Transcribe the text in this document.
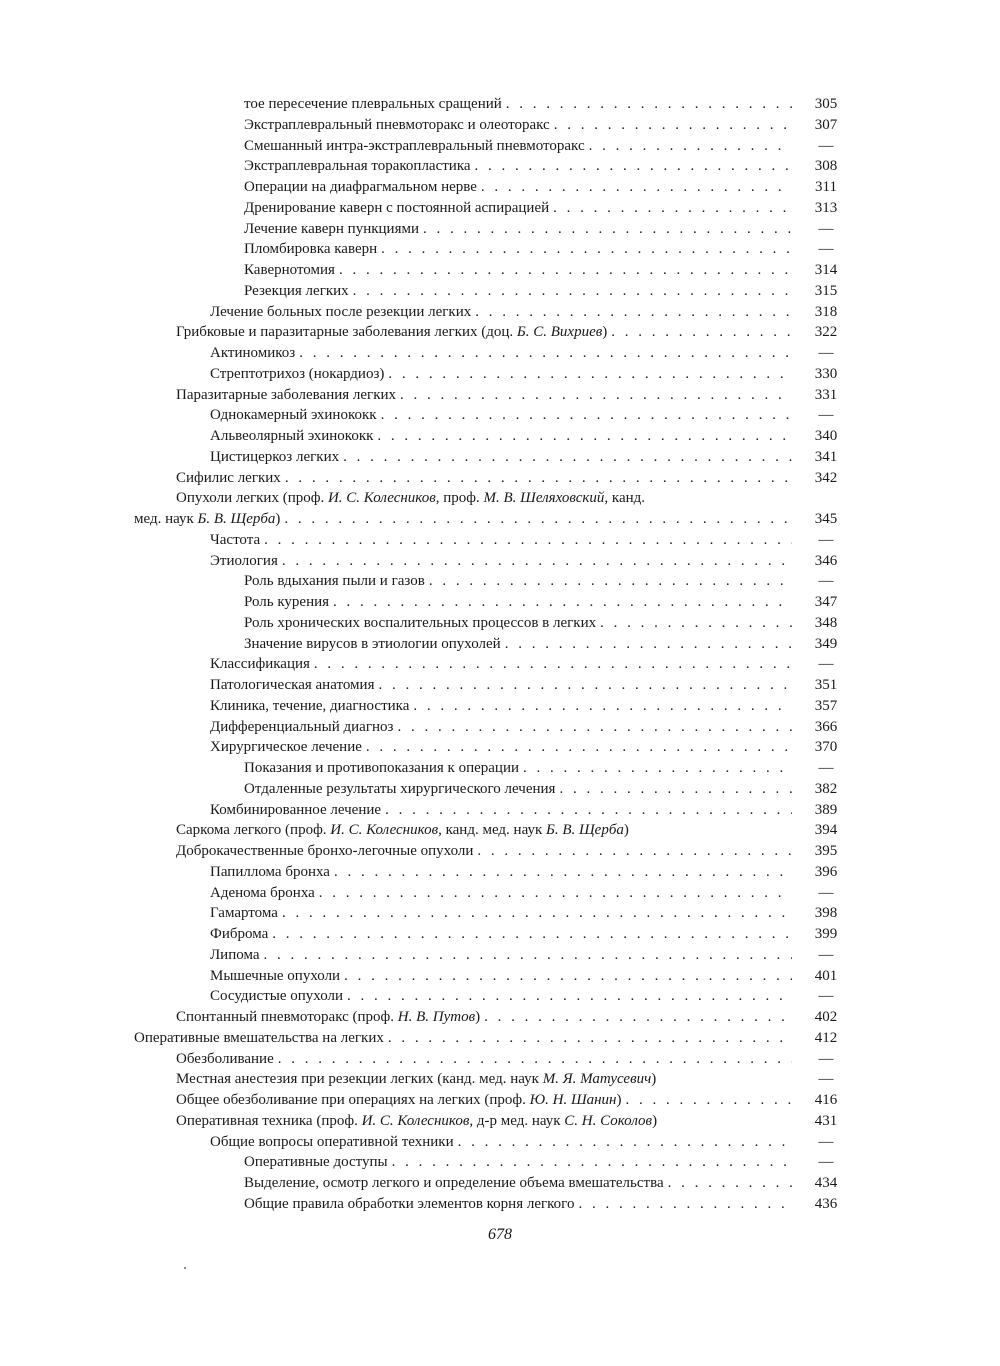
тое пересечение плевральных сращений . . .	305
Экстраплевральный пневмоторакс и олеоторакс . . .	307
Смешанный интра-экстраплевральный пневмоторакс . . .	—
Экстраплевральная торакопластика . . .	308
Операции на диафрагмальном нерве . . .	311
Дренирование каверн с постоянной аспирацией . . .	313
Лечение каверн пункциями . . .	—
Пломбировка каверн . . .	—
Кавернотомия . . .	314
Резекция легких . . .	315
Лечение больных после резекции легких . . .	318
Грибковые и паразитарные заболевания легких (доц. Б. С. Вихриев) . . .	322
Актиномикоз . . .	—
Стрептотрихоз (нокардиоз) . . .	330
Паразитарные заболевания легких . . .	331
Однокамерный эхинококк . . .	—
Альвеолярный эхинококк . . .	340
Цистицеркоз легких . . .	341
Сифилис легких . . .	342
Опухоли легких (проф. И. С. Колесников, проф. М. В. Шеляховский, канд.
мед. наук Б. В. Щерба) . . .	345
Частота . . .	—
Этиология . . .	346
Роль вдыхания пыли и газов . . .	—
Роль курения . . .	347
Роль хронических воспалительных процессов в легких . . .	348
Значение вирусов в этиологии опухолей . . .	349
Классификация . . .	—
Патологическая анатомия . . .	351
Клиника, течение, диагностика . . .	357
Дифференциальный диагноз . . .	366
Хирургическое лечение . . .	370
Показания и противопоказания к операции . . .	—
Отдаленные результаты хирургического лечения . . .	382
Комбинированное лечение . . .	389
Саркома легкого (проф. И. С. Колесников, канд. мед. наук Б. В. Щерба)	394
Доброкачественные бронхо-легочные опухоли . . .	395
Папиллома бронха . . .	396
Аденома бронха . . .	—
Гамартома . . .	398
Фиброма . . .	399
Липома . . .	—
Мышечные опухоли . . .	401
Сосудистые опухоли . . .	—
Спонтанный пневмоторакс (проф. Н. В. Путов) . . .	402
Оперативные вмешательства на легких . . .	412
Обезболивание . . .	—
Местная анестезия при резекции легких (канд. мед. наук М. Я. Матусевич)	—
Общее обезболивание при операциях на легких (проф. Ю. Н. Шанин) . . .	416
Оперативная техника (проф. И. С. Колесников, д-р мед. наук С. Н. Соколов)	431
Общие вопросы оперативной техники . . .	—
Оперативные доступы . . .	—
Выделение, осмотр легкого и определение объема вмешательства . . .	434
Общие правила обработки элементов корня легкого . . .	436
678
